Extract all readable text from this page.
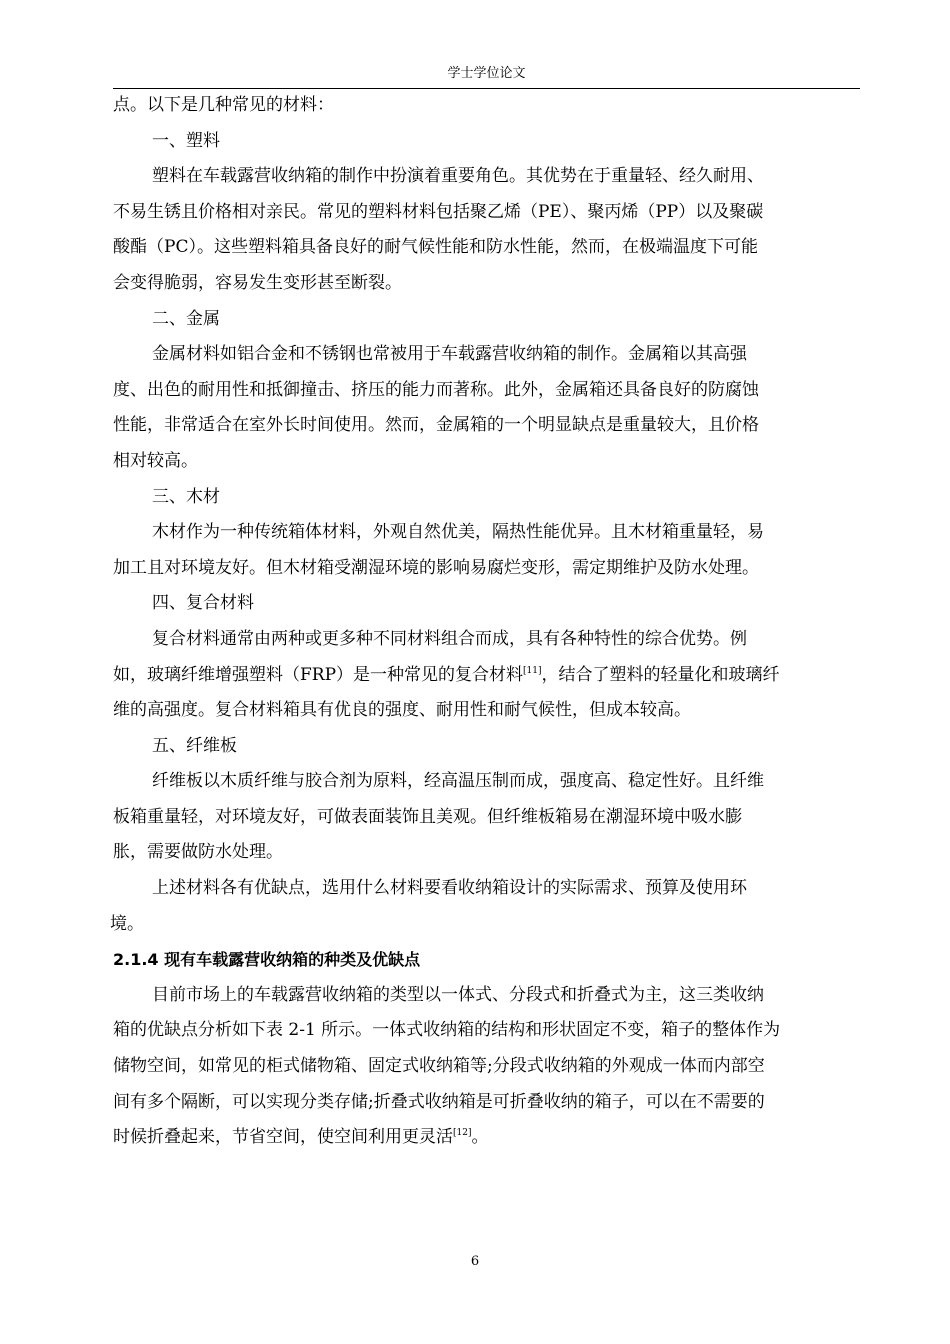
学士学位论文
点。以下是几种常见的材料：
一、塑料
塑料在车载露营收纳箱的制作中扮演着重要角色。其优势在于重量轻、经久耐用、
不易生锈且价格相对亲民。常见的塑料材料包括聚乙烯（PE）、聚丙烯（PP）以及聚碳
酸酯（PC）。这些塑料箱具备良好的耐气候性能和防水性能，然而，在极端温度下可能
会变得脆弱，容易发生变形甚至断裂。
二、金属
金属材料如铝合金和不锈钢也常被用于车载露营收纳箱的制作。金属箱以其高强
度、出色的耐用性和抵御撞击、挤压的能力而著称。此外，金属箱还具备良好的防腐蚀
性能，非常适合在室外长时间使用。然而，金属箱的一个明显缺点是重量较大，且价格
相对较高。
三、木材
木材作为一种传统箱体材料，外观自然优美，隔热性能优异。且木材箱重量轻，易
加工且对环境友好。但木材箱受潮湿环境的影响易腐烂变形，需定期维护及防水处理。
四、复合材料
复合材料通常由两种或更多种不同材料组合而成，具有各种特性的综合优势。例
如，玻璃纤维增强塑料（FRP）是一种常见的复合材料[11]，结合了塑料的轻量化和玻璃纤
维的高强度。复合材料箱具有优良的强度、耐用性和耐气候性，但成本较高。
五、纤维板
纤维板以木质纤维与胶合剂为原料，经高温压制而成，强度高、稳定性好。且纤维
板箱重量轻，对环境友好，可做表面装饰且美观。但纤维板箱易在潮湿环境中吸水膨
胀，需要做防水处理。
上述材料各有优缺点，选用什么材料要看收纳箱设计的实际需求、预算及使用环
境。
2.1.4 现有车载露营收纳箱的种类及优缺点
目前市场上的车载露营收纳箱的类型以一体式、分段式和折叠式为主，这三类收纳
箱的优缺点分析如下表 2-1 所示。一体式收纳箱的结构和形状固定不变，箱子的整体作为
储物空间，如常见的柜式储物箱、固定式收纳箱等;分段式收纳箱的外观成一体而内部空
间有多个隔断，可以实现分类存储;折叠式收纳箱是可折叠收纳的箱子，可以在不需要的
时候折叠起来，节省空间，使空间利用更灵活[12]。
6
